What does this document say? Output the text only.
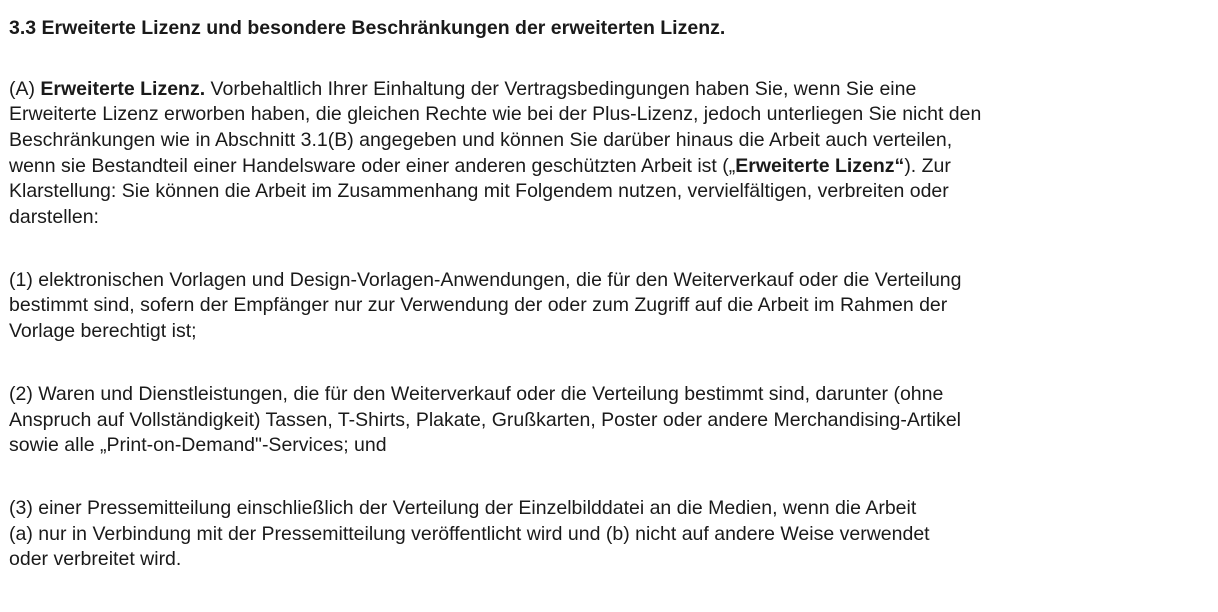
3.3 Erweiterte Lizenz und besondere Beschränkungen der erweiterten Lizenz.
(A) Erweiterte Lizenz. Vorbehaltlich Ihrer Einhaltung der Vertragsbedingungen haben Sie, wenn Sie eine
Erweiterte Lizenz erworben haben, die gleichen Rechte wie bei der Plus-Lizenz, jedoch unterliegen Sie nicht den
Beschränkungen wie in Abschnitt 3.1(B) angegeben und können Sie darüber hinaus die Arbeit auch verteilen,
wenn sie Bestandteil einer Handelsware oder einer anderen geschützten Arbeit ist („Erweiterte Lizenz“). Zur
Klarstellung: Sie können die Arbeit im Zusammenhang mit Folgendem nutzen, vervielfältigen, verbreiten oder
darstellen:
(1) elektronischen Vorlagen und Design-Vorlagen-Anwendungen, die für den Weiterverkauf oder die Verteilung
bestimmt sind, sofern der Empfänger nur zur Verwendung der oder zum Zugriff auf die Arbeit im Rahmen der
Vorlage berechtigt ist;
(2) Waren und Dienstleistungen, die für den Weiterverkauf oder die Verteilung bestimmt sind, darunter (ohne
Anspruch auf Vollständigkeit) Tassen, T-Shirts, Plakate, Grußkarten, Poster oder andere Merchandising-Artikel
sowie alle „Print-on-Demand"-Services; und
(3) einer Pressemitteilung einschließlich der Verteilung der Einzelbilddatei an die Medien, wenn die Arbeit
(a) nur in Verbindung mit der Pressemitteilung veröffentlicht wird und (b) nicht auf andere Weise verwendet
oder verbreitet wird.
